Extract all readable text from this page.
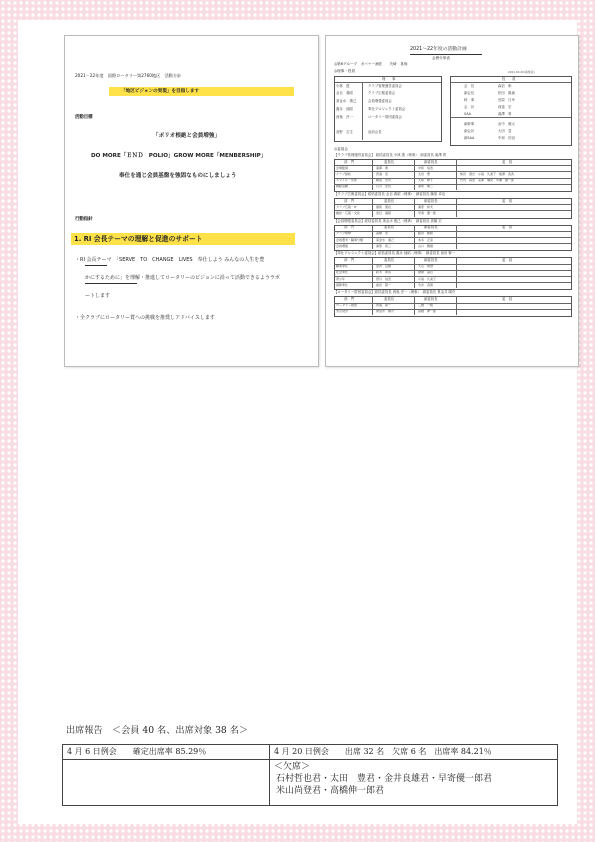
2021－22年度　国際ロータリー第2760地区　活動方針
「地区ビジョンの実現」を目指します
活動目標
「ポリオ根絶と会員増強」
DO MORE「ＥＮＤ　POLIO」GROW MORE「MENBERSHIP」
奉仕を通じ会員基盤を強固なものにしましょう
行動指針
1. RI 会長テーマの理解と促進のサポート
・RI 会長テーマ　「SERVE　TO　CHANGE　LIVES　奉仕しよう みんなの人生を豊
かにするために」を理解・推進してロータリーのビジョンに沿って活動できるようラポ
ートします
・全クラブにロータリー賞への挑戦を推奨しアドバイスします
2021～22年度の活動計画
会務分掌表
◎第6グループ　ガバナー補佐　　矢﨑　喜尚
2021.04.20(取締役)
◎理事・役員
理　　事	役　　員
◎委員会
小林　透	クラブ管理運営委員会
金目　義昭	クラブ広報委員会
斎金水　康己	会員増強委員会
鑫氷　純昭	奉仕プロジェクト委員会
西嶌　淳一	ロータリー財団委員会
高野　吉生	直前会長
会　長	森信　彰
副会長	松田　隆嵐
幹　事	長原　日幸
会　計	西遠　宏
SAA	滝澤　貴
副幹事	由中　雄太
副会計	大田　豊
副SAA	中和　信治
【クラブ管理運営委員会】 総括委員長 小林 透（理事）　副委員長 滝澤 貴
部　門	委員長	副委員長	委　員
会場監督	滝澤　貴	中和　信治
クラブ財政	西遠　宏	太田　豊	柴田　清志　小島　久美子　飯澤　直武
スマイル・出席	軽島　吉司	大塚　桦子	竹内　真浩　菜澤　琳央　早瀬　優一郎
親睦活動	石川　宏也	滝原　陳二
【クラブ広報委員会】総括委員長 金目 義昭（理事）　副委員長 藤原 卓也
部　門	委員長	副委員長	委　員
クラブ広報・IT	諸智　達也	滝原　和夫
雑誌・広報・文化	金目　義昭	早寄　優一郎
【会員増強委員会】総括委員長 斎金水 康己（理事）　副委員長 高橋 宏
部　門	委員長	副委員長	委　員
クラブ研修	高橋　宏	藤田　純昭
会員選考・職業分類	斎金水　康己	本多　正彦
会員増強	滝原　希三	山口　雅雄
【奉仕プロジェクト委員会】総括委員長 鑫氷 純昭（理事）　副委員長 前田 賢一
部　門	委員長	副委員長	委　員
職業奉仕	金井　良雄	天山　尚登
社会奉仕	鈴木　尚英	財津　高幻
青少年	西川　信治	小島　久美子
国際奉仕	前田　賢一	今井　直賀
【ロータリー財団委員会】総括委員長 西嶌 淳一（理事）　副委員長 貴金井 陽介
部　門	委員長	副委員長	委　員
ロータリー財団	西嶌　淳一	三橋　一昭
米山奨学	貴金井　陽介	高橋　伸一郎
出席報告　＜会員 40 名、出席対象 38 名＞
4 月 6 日例会　　確定出席率 85.29％	4 月 20 日例会　　出席 32 名　欠席 6 名　出席率 84.21％

	＜欠席＞
石村哲也君・太田　豊君・金井良雄君・早寄優一郎君
米山尚登君・高橋伸一郎君
